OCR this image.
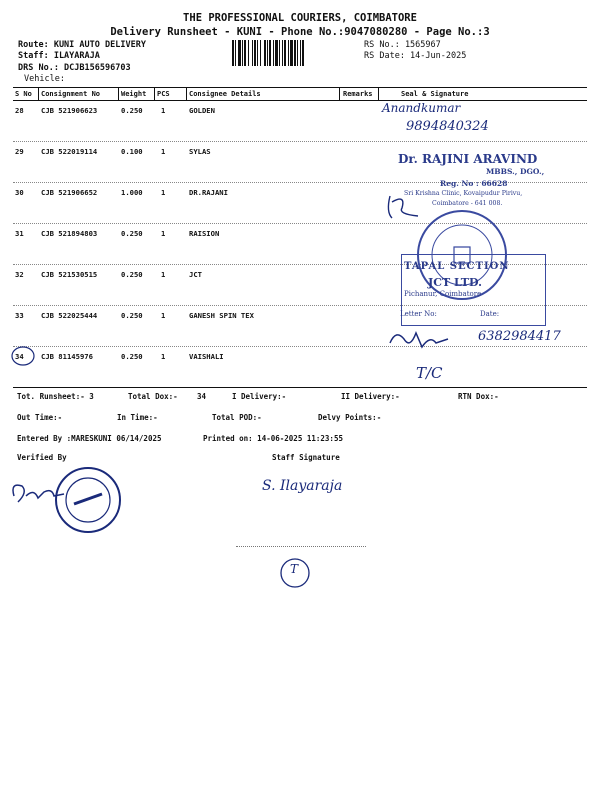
THE PROFESSIONAL COURIERS, COIMBATORE
Delivery Runsheet - KUNI - Phone No.:9047080280 - Page No.:3
Route: KUNI AUTO DELIVERY
Staff: ILAYARAJA
DRS No.: DCJB156596703
Vehicle:
RS No.: 1565967
RS Date: 14-Jun-2025
S No Consignment No	Weight PCS	Consignee Details	Remarks	Seal & Signature
28 CJB 521906623	0.250	1	GOLDEN
29 CJB 522019114	0.100	1	SYLAS
30 CJB 521906652	1.000	1	DR.RAJANI
31 CJB 521894803	0.250	1	RAISION
32 CJB 521530515	0.250	1	JCT
33 CJB 522025444	0.250	1	GANESH SPIN TEX
34 CJB 81145976	0.250	1	VAISHALI
Tot. Runsheet:- 3	Total Dox:-	34	I Delivery:-	II Delivery:-	RTN Dox:-
Out Time:-	In Time:-	Total POD:-	Delvy Points:-
Entered By :MARESKUNI 06/14/2025	Printed on: 14-06-2025 11:23:55
Verified By	Staff Signature
Anandkumar
9894840324
Dr. RAJINI ARAVIND
MBBS., DGO.,
Reg. No : 66628
Sri Krishna Clinic, Kovaipudur Pirivu,
Coimbatore - 641 008.
TAPAL SECTION
JCT LTD.
Pichanur, Coimbatore
Letter No:	Date:
6382984417
T/C
S. Ilayaraja
T
